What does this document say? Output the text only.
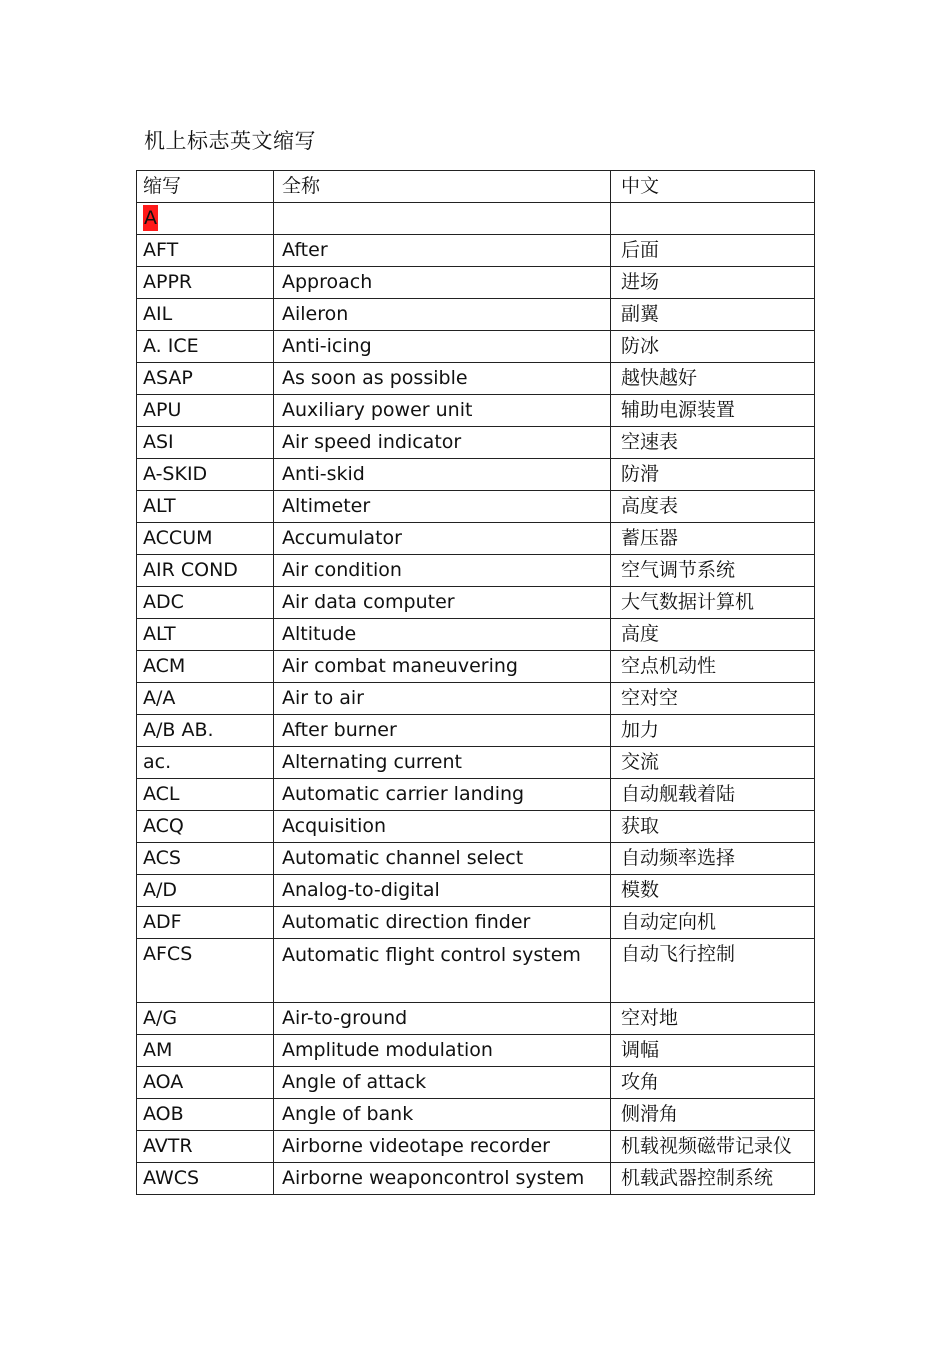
机上标志英文缩写
缩写	全称	中文
A		
AFT	After	后面
APPR	Approach	进场
AIL	Aileron	副翼
A. ICE	Anti-icing	防冰
ASAP	As soon as possible	越快越好
APU	Auxiliary power unit	辅助电源装置
ASI	Air speed indicator	空速表
A-SKID	Anti-skid	防滑
ALT	Altimeter	高度表
ACCUM	Accumulator	蓄压器
AIR COND	Air condition	空气调节系统
ADC	Air data computer	大气数据计算机
ALT	Altitude	高度
ACM	Air combat maneuvering	空点机动性
A/A	Air to air	空对空
A/B AB.	After burner	加力
ac.	Alternating current	交流
ACL	Automatic carrier landing	自动舰载着陆
ACQ	Acquisition	获取
ACS	Automatic channel select	自动频率选择
A/D	Analog-to-digital	模数
ADF	Automatic direction finder	自动定向机
AFCS	Automatic flight control system	自动飞行控制
A/G	Air-to-ground	空对地
AM	Amplitude modulation	调幅
AOA	Angle of attack	攻角
AOB	Angle of bank	侧滑角
AVTR	Airborne videotape recorder	机载视频磁带记录仪
AWCS	Airborne weaponcontrol system	机载武器控制系统
